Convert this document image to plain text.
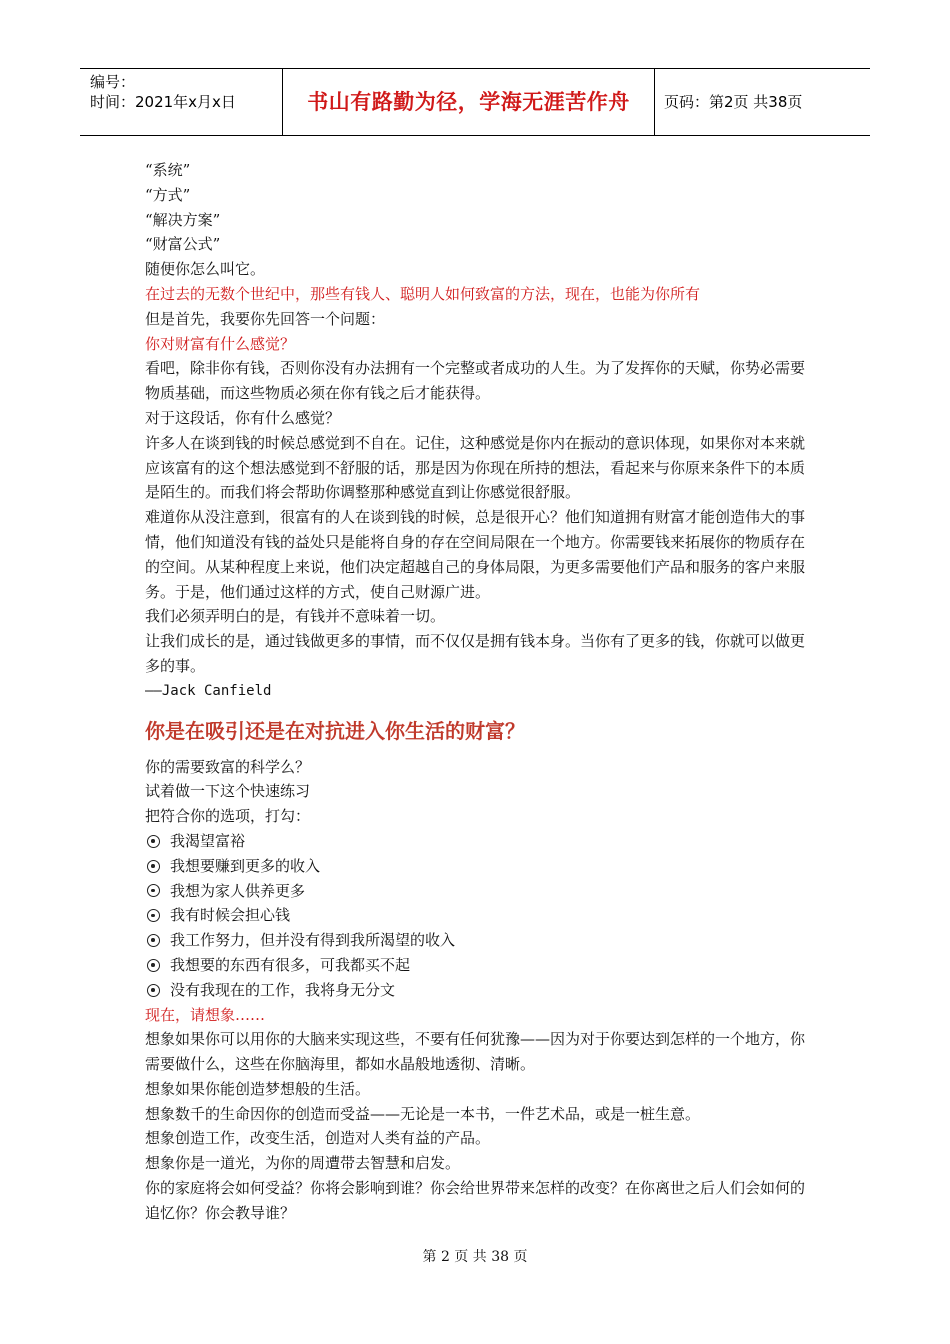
编号：
时间：2021年x月x日	书山有路勤为径，学海无涯苦作舟	页码：第2页 共38页

“系统”

“方式”

“解决方案”

“财富公式”

随便你怎么叫它。

在过去的无数个世纪中，那些有钱人、聪明人如何致富的方法，现在，也能为你所有

但是首先，我要你先回答一个问题：

你对财富有什么感觉？

看吧，除非你有钱，否则你没有办法拥有一个完整或者成功的人生。为了发挥你的天赋，你势必需要物质基础，而这些物质必须在你有钱之后才能获得。

对于这段话，你有什么感觉？

许多人在谈到钱的时候总感觉到不自在。记住，这种感觉是你内在振动的意识体现，如果你对本来就应该富有的这个想法感觉到不舒服的话，那是因为你现在所持的想法，看起来与你原来条件下的本质是陌生的。而我们将会帮助你调整那种感觉直到让你感觉很舒服。

难道你从没注意到，很富有的人在谈到钱的时候，总是很开心？他们知道拥有财富才能创造伟大的事情，他们知道没有钱的益处只是能将自身的存在空间局限在一个地方。你需要钱来拓展你的物质存在的空间。从某种程度上来说，他们决定超越自己的身体局限，为更多需要他们产品和服务的客户来服务。于是，他们通过这样的方式，使自己财源广进。

我们必须弄明白的是，有钱并不意味着一切。

让我们成长的是，通过钱做更多的事情，而不仅仅是拥有钱本身。当你有了更多的钱，你就可以做更多的事。

——Jack Canfield

你是在吸引还是在对抗进入你生活的财富？

你的需要致富的科学么？

试着做一下这个快速练习

把符合你的选项，打勾：

我渴望富裕
我想要赚到更多的收入
我想为家人供养更多
我有时候会担心钱
我工作努力，但并没有得到我所渴望的收入
我想要的东西有很多，可我都买不起
没有我现在的工作，我将身无分文

现在，请想象……

想象如果你可以用你的大脑来实现这些，不要有任何犹豫——因为对于你要达到怎样的一个地方，你需要做什么，这些在你脑海里，都如水晶般地透彻、清晰。

想象如果你能创造梦想般的生活。

想象数千的生命因你的创造而受益——无论是一本书，一件艺术品，或是一桩生意。

想象创造工作，改变生活，创造对人类有益的产品。

想象你是一道光，为你的周遭带去智慧和启发。

你的家庭将会如何受益？你将会影响到谁？你会给世界带来怎样的改变？在你离世之后人们会如何的追忆你？你会教导谁？

第 2 页 共 38 页
